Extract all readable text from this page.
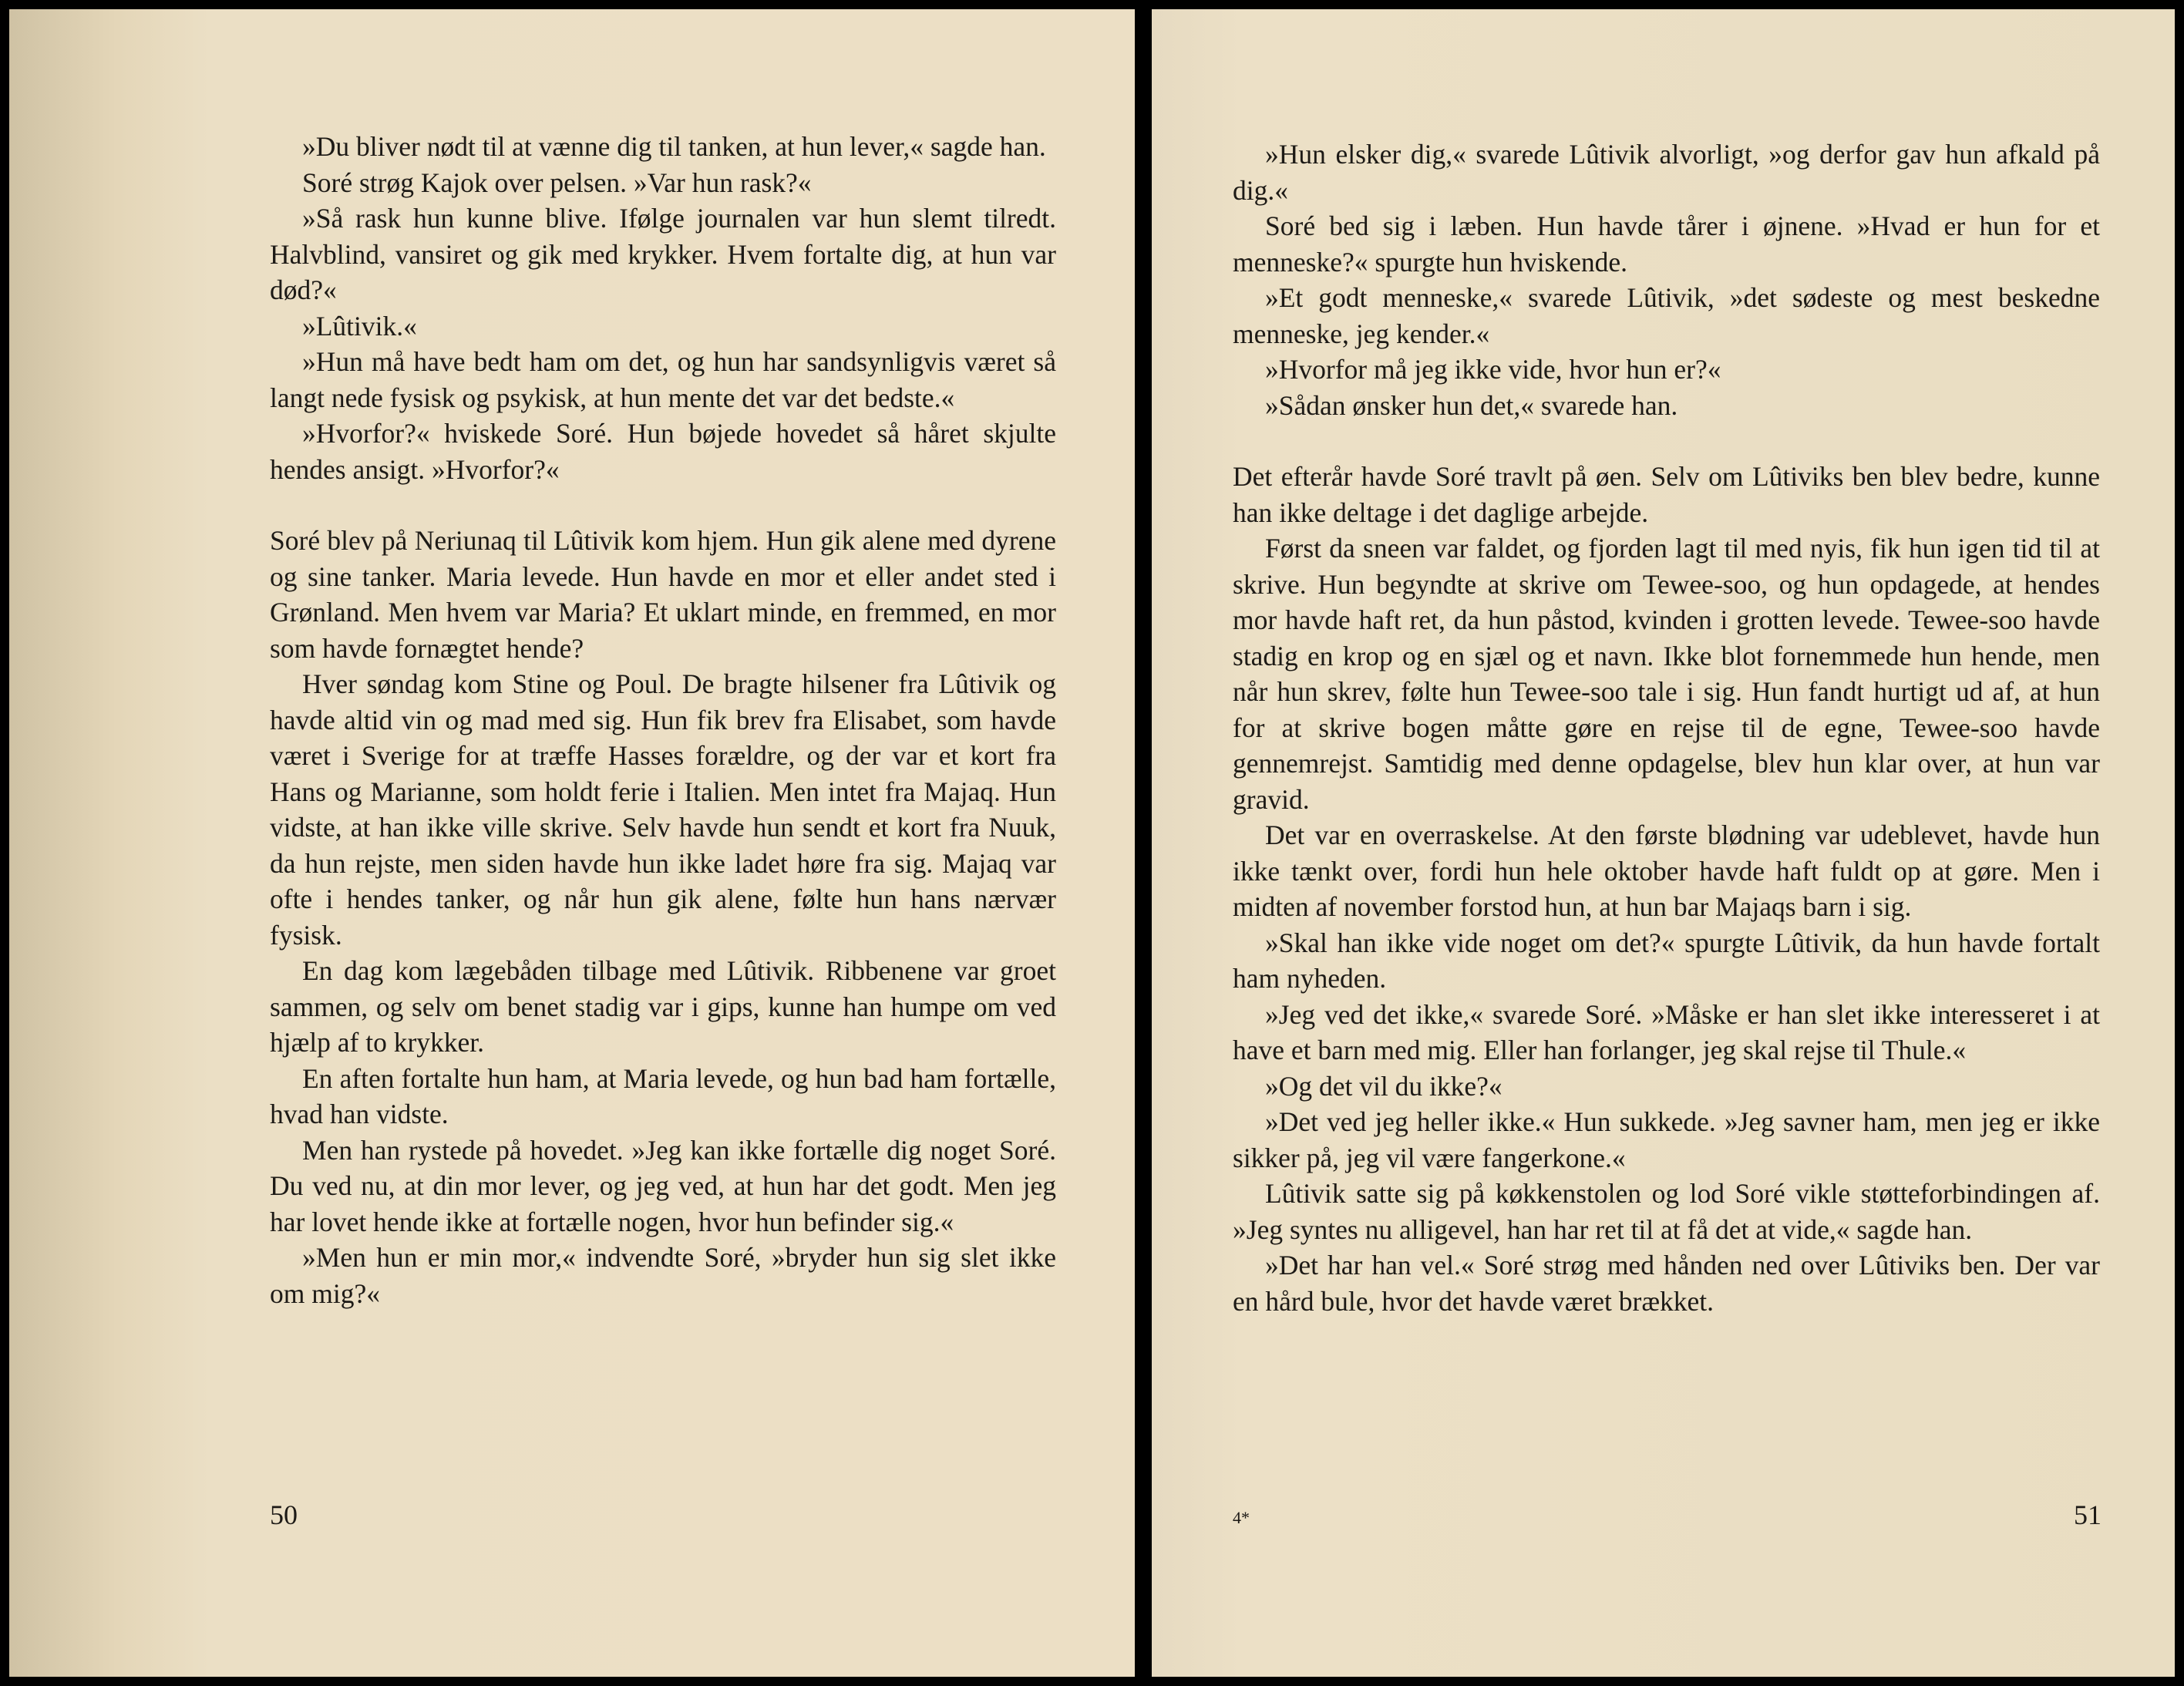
»Du bliver nødt til at vænne dig til tanken, at hun lever,« sagde han.

Soré strøg Kajok over pelsen. »Var hun rask?«

»Så rask hun kunne blive. Ifølge journalen var hun slemt tilredt. Halvblind, vansiret og gik med krykker. Hvem fortalte dig, at hun var død?«

»Lûtivik.«

»Hun må have bedt ham om det, og hun har sandsynligvis været så langt nede fysisk og psykisk, at hun mente det var det bedste.«

»Hvorfor?« hviskede Soré. Hun bøjede hovedet så håret skjulte hendes ansigt. »Hvorfor?«

Soré blev på Neriunaq til Lûtivik kom hjem. Hun gik alene med dyrene og sine tanker. Maria levede. Hun havde en mor et eller andet sted i Grønland. Men hvem var Maria? Et uklart minde, en fremmed, en mor som havde fornægtet hende?

Hver søndag kom Stine og Poul. De bragte hilsener fra Lûtivik og havde altid vin og mad med sig. Hun fik brev fra Elisabet, som havde været i Sverige for at træffe Hasses forældre, og der var et kort fra Hans og Marianne, som holdt ferie i Italien. Men intet fra Majaq. Hun vidste, at han ikke ville skrive. Selv havde hun sendt et kort fra Nuuk, da hun rejste, men siden havde hun ikke ladet høre fra sig. Majaq var ofte i hendes tanker, og når hun gik alene, følte hun hans nærvær fysisk.

En dag kom lægebåden tilbage med Lûtivik. Ribbenene var groet sammen, og selv om benet stadig var i gips, kunne han humpe om ved hjælp af to krykker.

En aften fortalte hun ham, at Maria levede, og hun bad ham fortælle, hvad han vidste.

Men han rystede på hovedet. »Jeg kan ikke fortælle dig noget Soré. Du ved nu, at din mor lever, og jeg ved, at hun har det godt. Men jeg har lovet hende ikke at fortælle nogen, hvor hun befinder sig.«

»Men hun er min mor,« indvendte Soré, »bryder hun sig slet ikke om mig?«

50

»Hun elsker dig,« svarede Lûtivik alvorligt, »og derfor gav hun afkald på dig.«

Soré bed sig i læben. Hun havde tårer i øjnene. »Hvad er hun for et menneske?« spurgte hun hviskende.

»Et godt menneske,« svarede Lûtivik, »det sødeste og mest beskedne menneske, jeg kender.«

»Hvorfor må jeg ikke vide, hvor hun er?«

»Sådan ønsker hun det,« svarede han.

Det efterår havde Soré travlt på øen. Selv om Lûtiviks ben blev bedre, kunne han ikke deltage i det daglige arbejde.

Først da sneen var faldet, og fjorden lagt til med nyis, fik hun igen tid til at skrive. Hun begyndte at skrive om Tewee-soo, og hun opdagede, at hendes mor havde haft ret, da hun påstod, kvinden i grotten levede. Tewee-soo havde stadig en krop og en sjæl og et navn. Ikke blot fornemmede hun hende, men når hun skrev, følte hun Tewee-soo tale i sig. Hun fandt hurtigt ud af, at hun for at skrive bogen måtte gøre en rejse til de egne, Tewee-soo havde gennemrejst. Samtidig med denne opdagelse, blev hun klar over, at hun var gravid.

Det var en overraskelse. At den første blødning var udeblevet, havde hun ikke tænkt over, fordi hun hele oktober havde haft fuldt op at gøre. Men i midten af november forstod hun, at hun bar Majaqs barn i sig.

»Skal han ikke vide noget om det?« spurgte Lûtivik, da hun havde fortalt ham nyheden.

»Jeg ved det ikke,« svarede Soré. »Måske er han slet ikke interesseret i at have et barn med mig. Eller han forlanger, jeg skal rejse til Thule.«

»Og det vil du ikke?«

»Det ved jeg heller ikke.« Hun sukkede. »Jeg savner ham, men jeg er ikke sikker på, jeg vil være fangerkone.«

Lûtivik satte sig på køkkenstolen og lod Soré vikle støtteforbindingen af. »Jeg syntes nu alligevel, han har ret til at få det at vide,« sagde han.

»Det har han vel.« Soré strøg med hånden ned over Lûtiviks ben. Der var en hård bule, hvor det havde været brækket.

4*	51
